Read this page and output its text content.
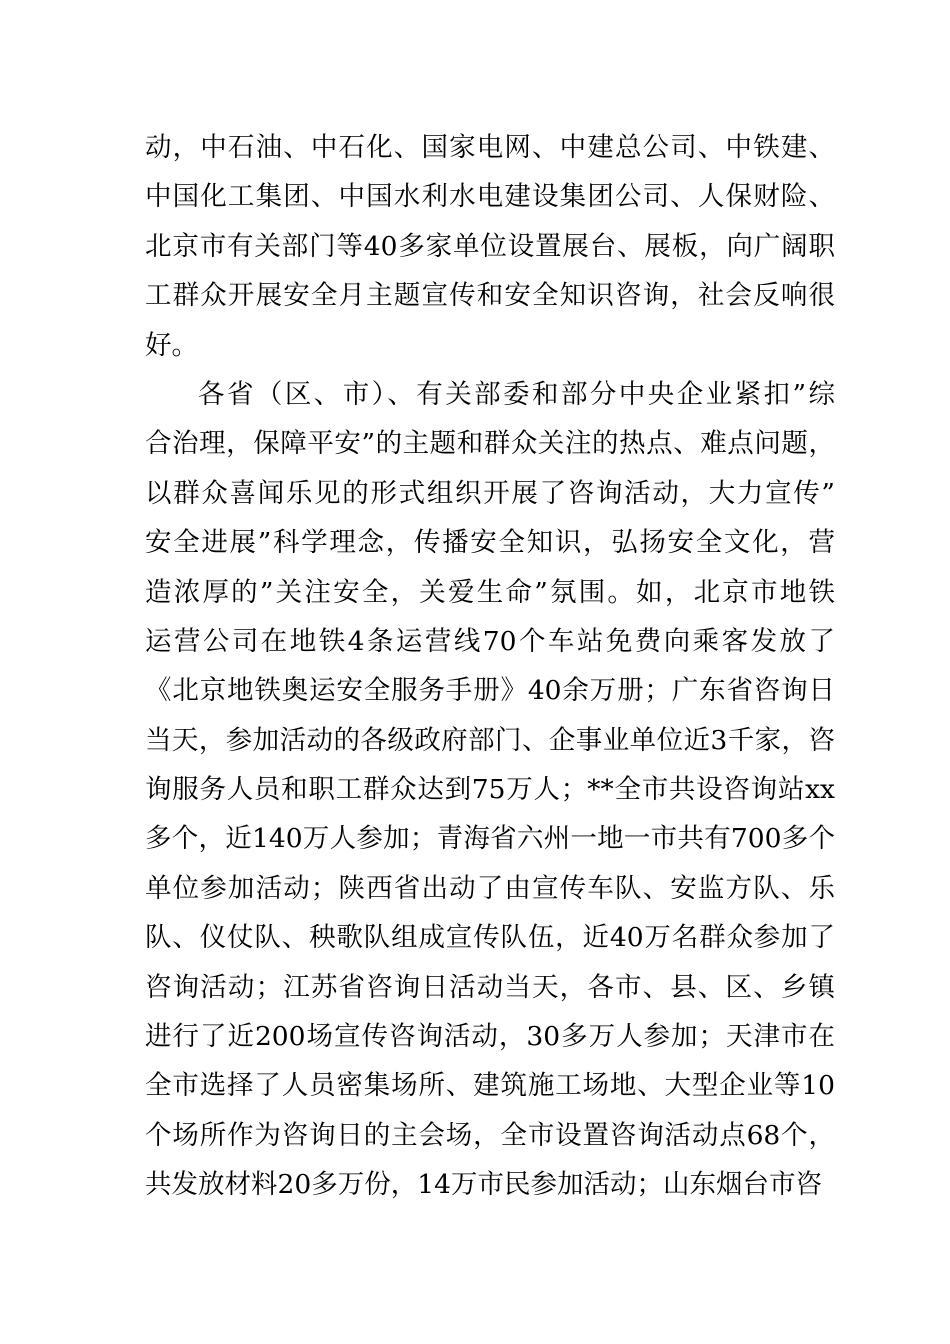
动，中石油、中石化、国家电网、中建总公司、中铁建、
中国化工集团、中国水利水电建设集团公司、人保财险、
北京市有关部门等40多家单位设置展台、展板，向广阔职
工群众开展安全月主题宣传和安全知识咨询，社会反响很
好。
各省（区、市）、有关部委和部分中央企业紧扣”综
合治理，保障平安”的主题和群众关注的热点、难点问题，
以群众喜闻乐见的形式组织开展了咨询活动，大力宣传”
安全进展”科学理念，传播安全知识，弘扬安全文化，营
造浓厚的”关注安全，关爱生命”氛围。如，北京市地铁
运营公司在地铁4条运营线70个车站免费向乘客发放了
《北京地铁奥运安全服务手册》40余万册；广东省咨询日
当天，参加活动的各级政府部门、企事业单位近3千家，咨
询服务人员和职工群众达到75万人；**全市共设咨询站xx
多个，近140万人参加；青海省六州一地一市共有700多个
单位参加活动；陕西省出动了由宣传车队、安监方队、乐
队、仪仗队、秧歌队组成宣传队伍，近40万名群众参加了
咨询活动；江苏省咨询日活动当天，各市、县、区、乡镇
进行了近200场宣传咨询活动，30多万人参加；天津市在
全市选择了人员密集场所、建筑施工场地、大型企业等10
个场所作为咨询日的主会场，全市设置咨询活动点68个，
共发放材料20多万份，14万市民参加活动；山东烟台市咨
